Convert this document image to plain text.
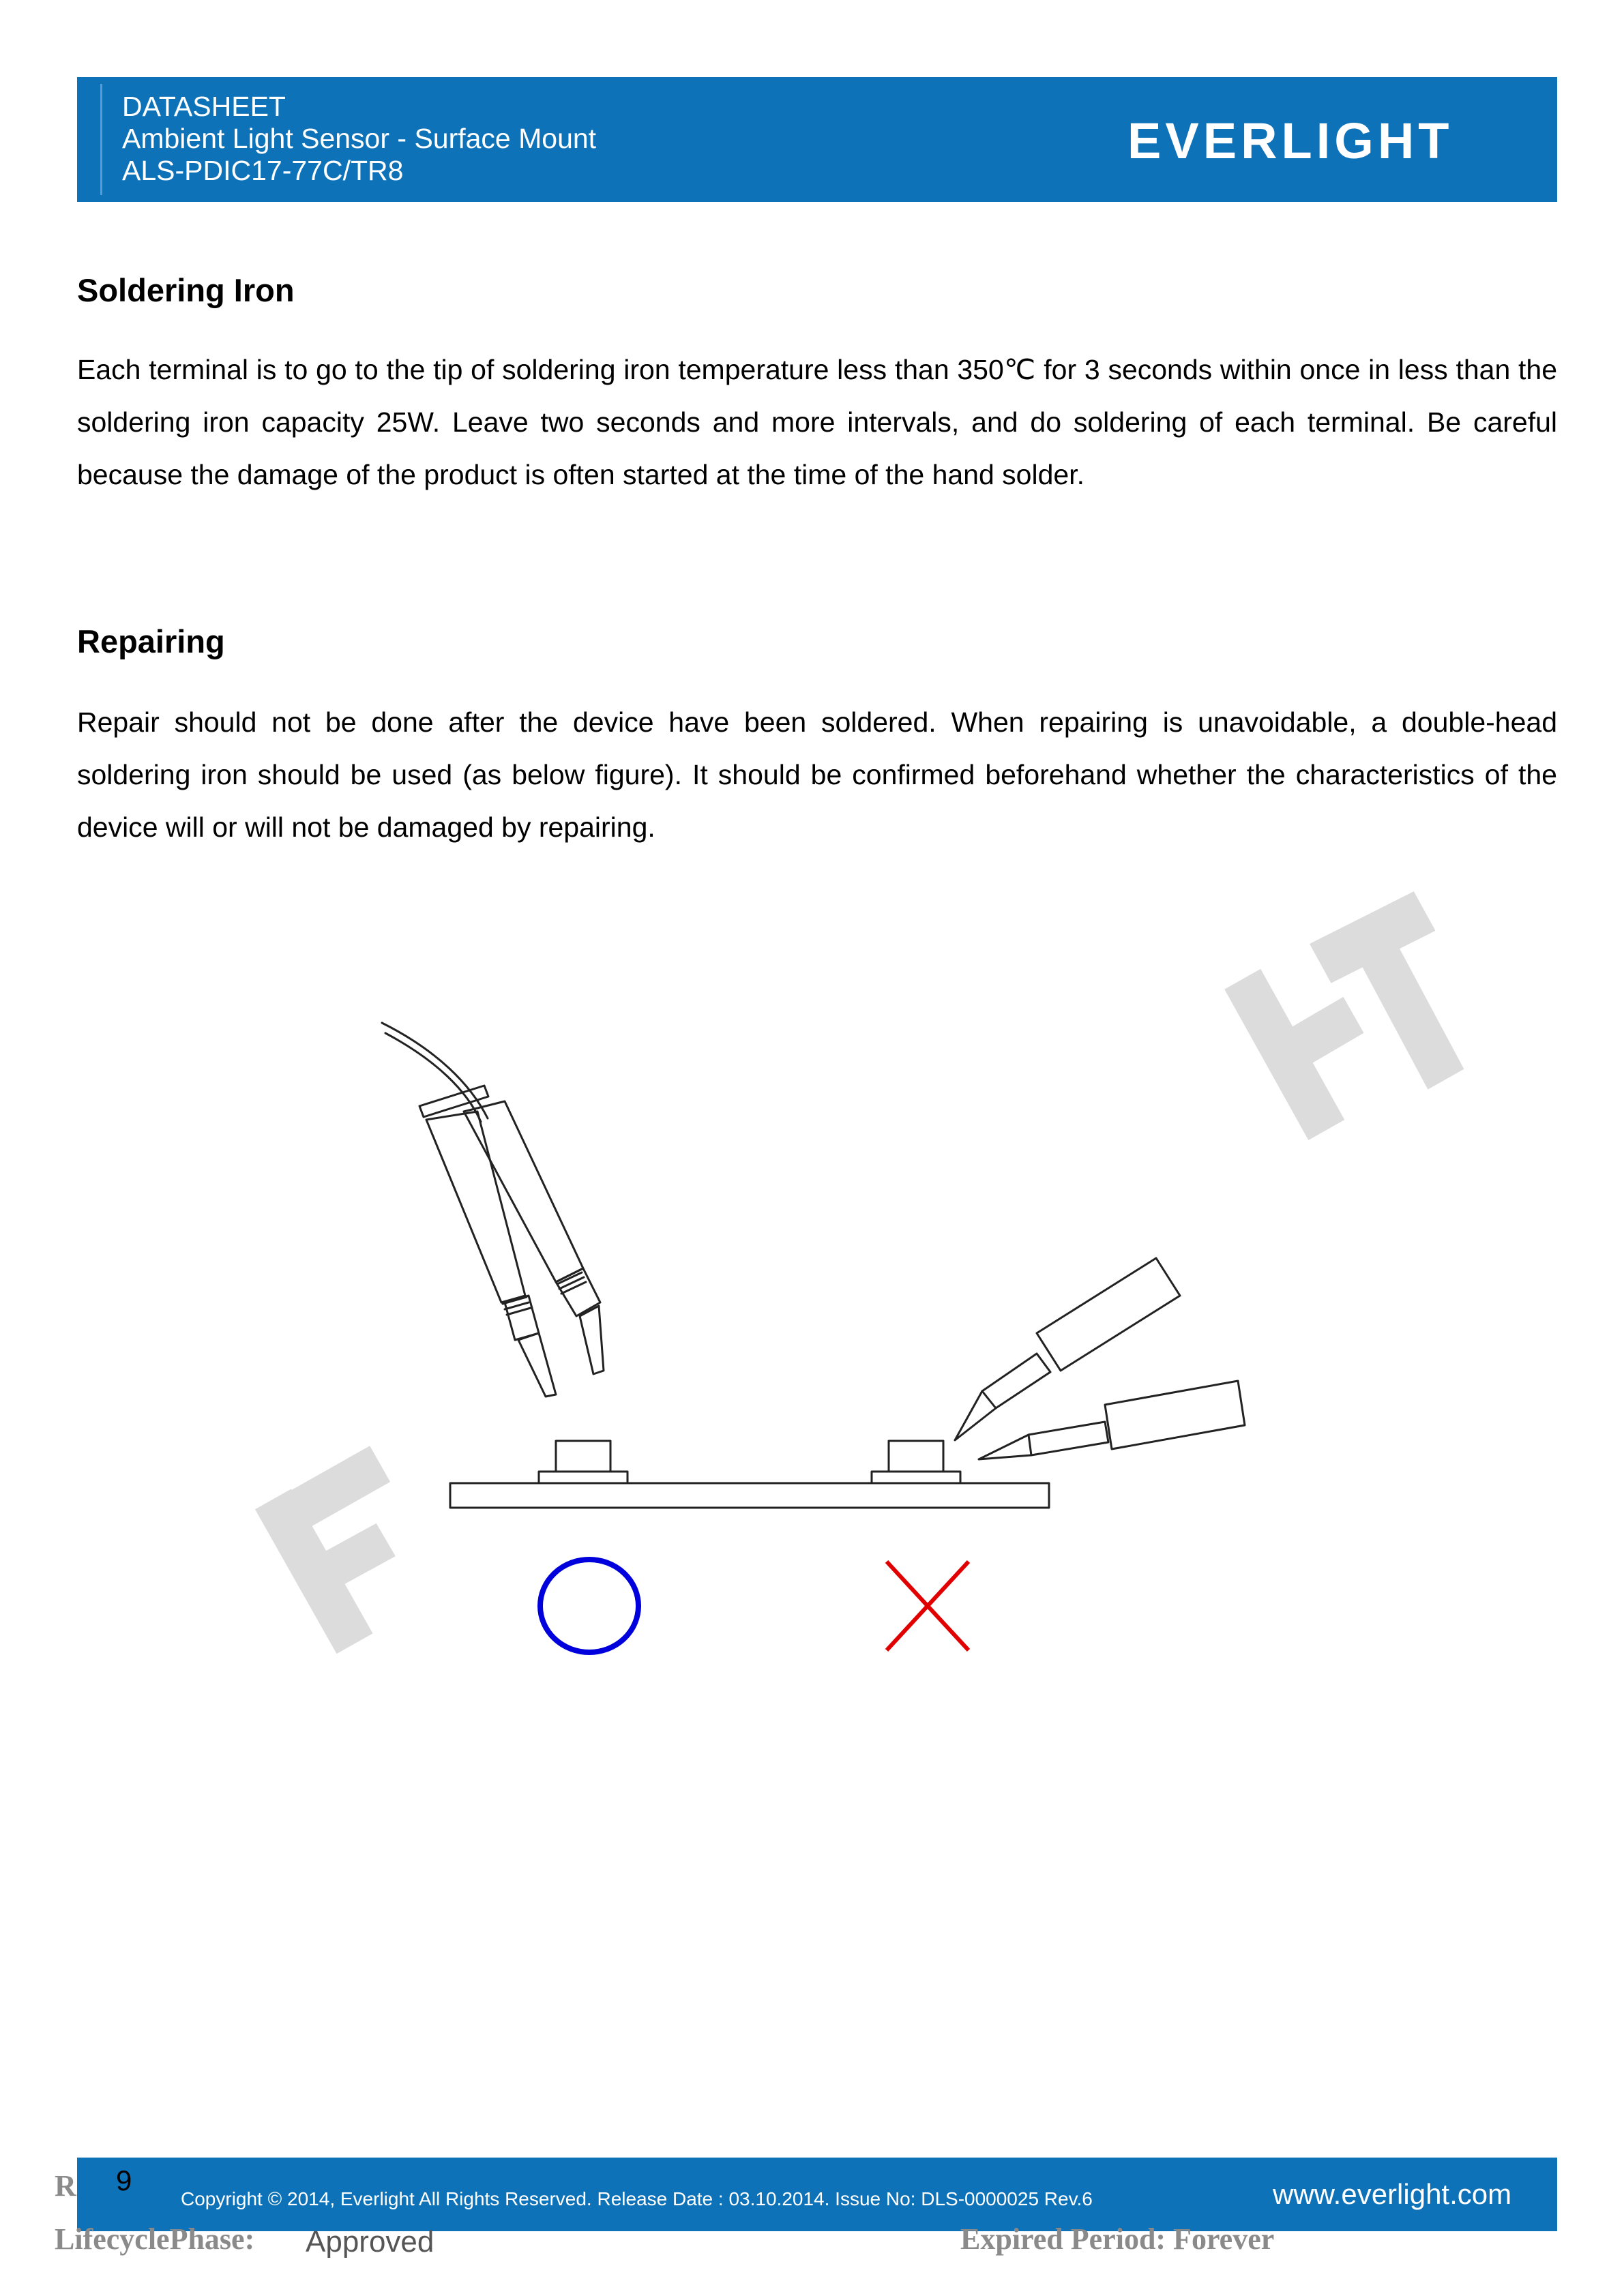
DATASHEET
Ambient Light Sensor - Surface Mount
ALS-PDIC17-77C/TR8
EVERLIGHT
Soldering Iron
Each terminal is to go to the tip of soldering iron temperature less than 350℃ for 3 seconds within once in less than the soldering iron capacity 25W. Leave two seconds and more intervals, and do soldering of each terminal. Be careful because the damage of the product is often started at the time of the hand solder.
Repairing
Repair should not be done after the device have been soldered. When repairing is unavoidable, a double-head soldering iron should be used (as below figure). It should be confirmed beforehand whether the characteristics of the device will or will not be damaged by repairing.
Copyright © 2014, Everlight All Rights Reserved. Release Date : 03.10.2014. Issue No: DLS-0000025 Rev.6	www.everlight.com
R 9
LifecyclePhase: Approved	Expired Period: Forever
